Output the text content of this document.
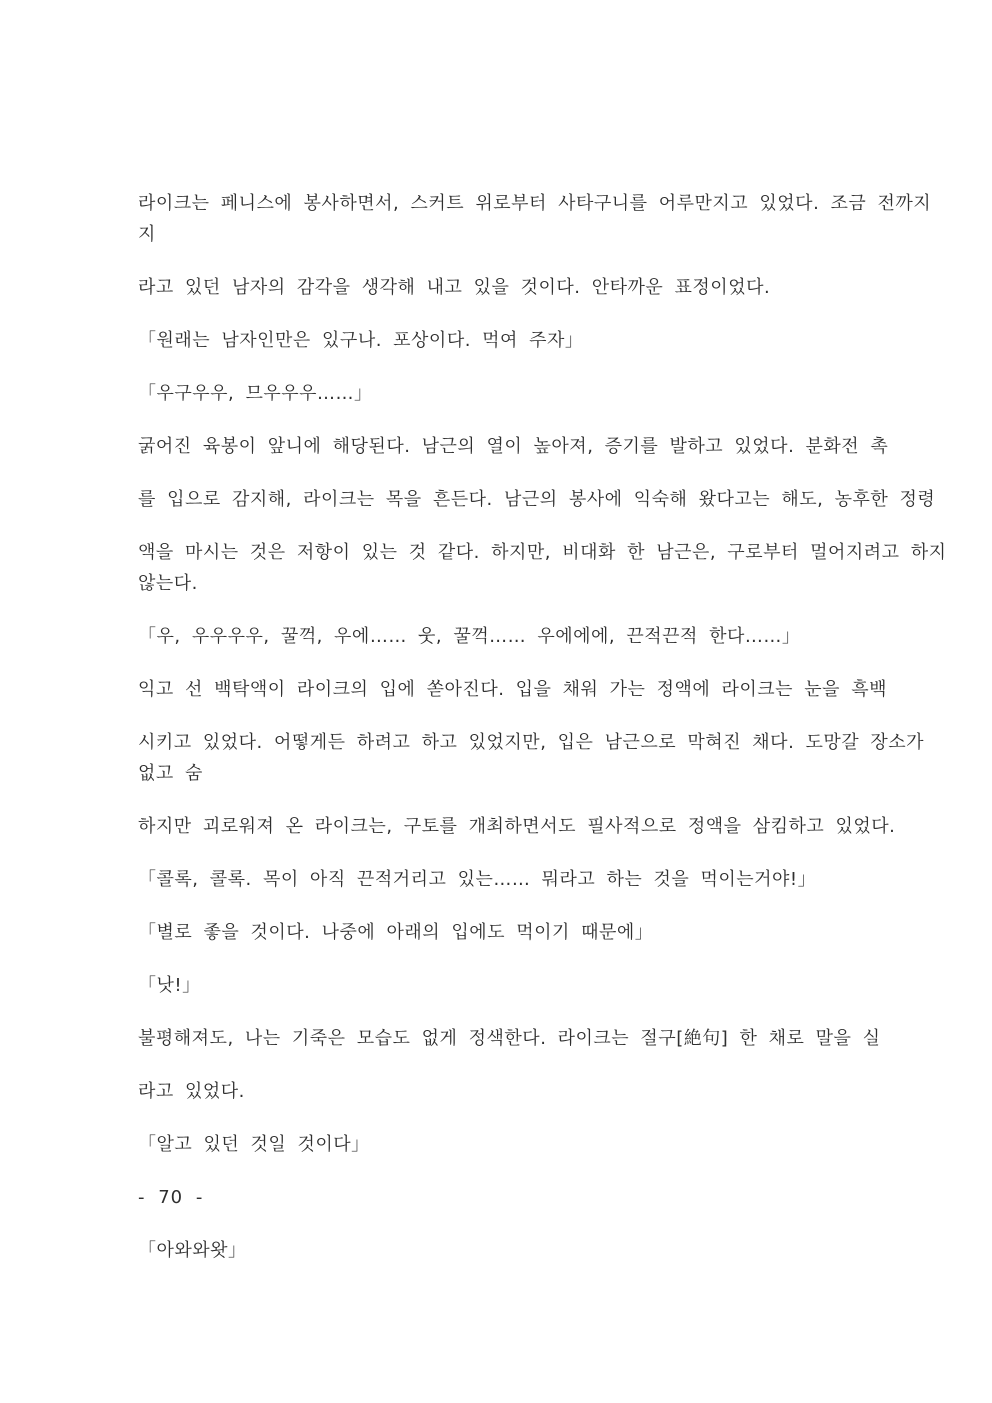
라이크는 페니스에 봉사하면서, 스커트 위로부터 사타구니를 어루만지고 있었다. 조금 전까지
지
라고 있던 남자의 감각을 생각해 내고 있을 것이다. 안타까운 표정이었다.
「원래는 남자인만은 있구나. 포상이다. 먹여 주자」
「우구우우, 므우우우……」
굵어진 육봉이 앞니에 해당된다. 남근의 열이 높아져, 증기를 발하고 있었다. 분화전 촉
를 입으로 감지해, 라이크는 목을 흔든다. 남근의 봉사에 익숙해 왔다고는 해도, 농후한 정령
액을 마시는 것은 저항이 있는 것 같다. 하지만, 비대화 한 남근은, 구로부터 멀어지려고 하지
않는다.
「우, 우우우우, 꿀꺽, 우에…… 웃, 꿀꺽…… 우에에에, 끈적끈적 한다……」
익고 선 백탁액이 라이크의 입에 쏟아진다. 입을 채워 가는 정액에 라이크는 눈을 흑백
시키고 있었다. 어떻게든 하려고 하고 있었지만, 입은 남근으로 막혀진 채다. 도망갈 장소가
없고 숨
하지만 괴로워져 온 라이크는, 구토를 개최하면서도 필사적으로 정액을 삼킴하고 있었다.
「콜록, 콜록. 목이 아직 끈적거리고 있는…… 뭐라고 하는 것을 먹이는거야!」
「별로 좋을 것이다. 나중에 아래의 입에도 먹이기 때문에」
「낫!」
불평해져도, 나는 기죽은 모습도 없게 정색한다. 라이크는 절구[絶句] 한 채로 말을 실
라고 있었다.
「알고 있던 것일 것이다」
- 70 -
「아와와왓」
